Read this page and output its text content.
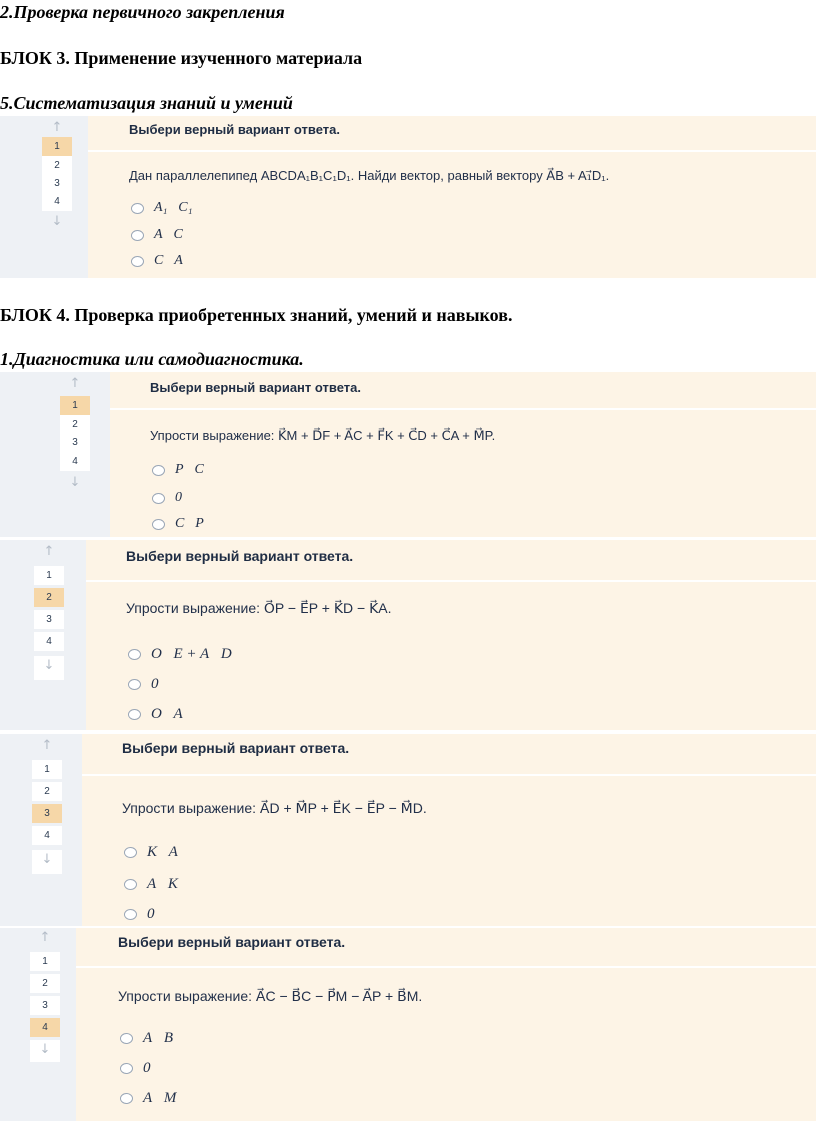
2.Проверка первичного закрепления
БЛОК 3. Применение изученного материала
5.Систематизация знаний и умений
БЛОК 4. Проверка приобретенных знаний, умений и навыков.
1.Диагностика или самодиагностика.
↑
1
2
3
4
↓
Выбери верный вариант ответа.
Дан параллелепипед ABCDA₁B₁C₁D₁. Найди вектор, равный вектору A⃗B + A₁⃗D₁.
A₁⃗C₁
A⃗C
C⃗A
↑
1
2
3
4
↓
Выбери верный вариант ответа.
Упрости выражение: K⃗M + D⃗F + A⃗C + F⃗K + C⃗D + C⃗A + M⃗P.
P⃗C
0⃗
C⃗P
↑
1
2
3
4
↓
Выбери верный вариант ответа.
Упрости выражение: O⃗P − E⃗P + K⃗D − K⃗A.
O⃗E + A⃗D
0⃗
O⃗A
↑
1
2
3
4
↓
Выбери верный вариант ответа.
Упрости выражение: A⃗D + M⃗P + E⃗K − E⃗P − M⃗D.
K⃗A
A⃗K
0⃗
↑
1
2
3
4
↓
Выбери верный вариант ответа.
Упрости выражение: A⃗C − B⃗C − P⃗M − A⃗P + B⃗M.
A⃗B
0⃗
A⃗M
